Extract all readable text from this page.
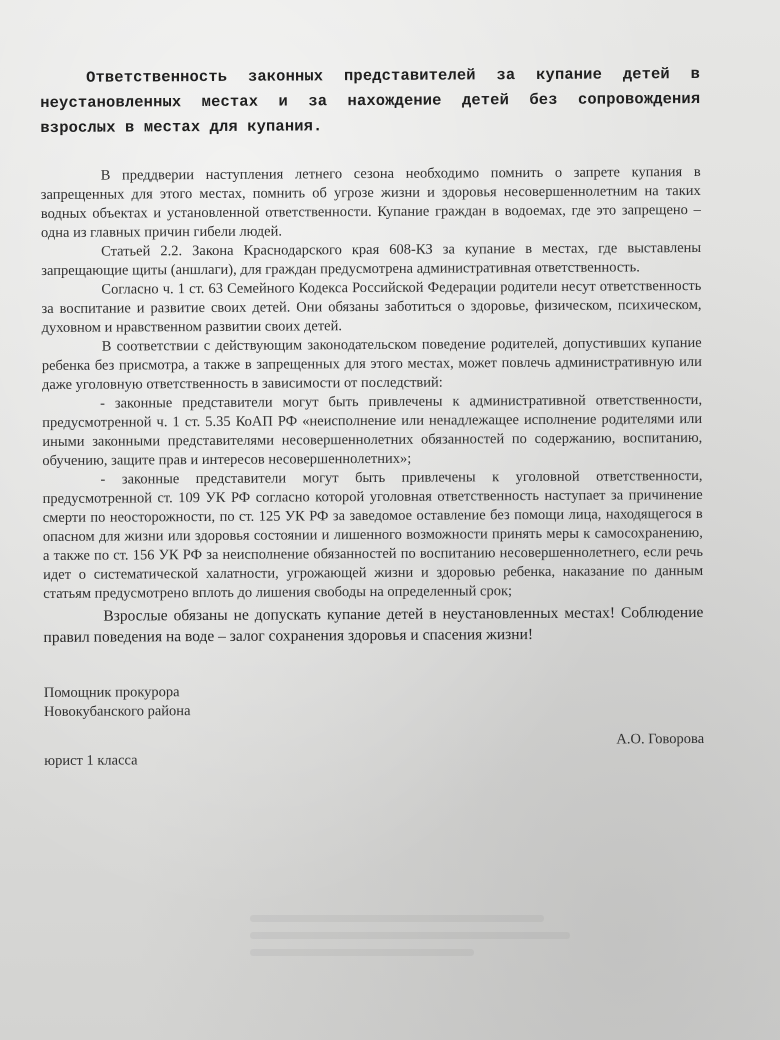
Ответственность законных представителей за купание детей в неустановленных местах и за нахождение детей без сопровождения взрослых в местах для купания.

В преддверии наступления летнего сезона необходимо помнить о запрете купания в запрещенных для этого местах, помнить об угрозе жизни и здоровья несовершеннолетним на таких водных объектах и установленной ответственности. Купание граждан в водоемах, где это запрещено – одна из главных причин гибели людей.

Статьей 2.2. Закона Краснодарского края 608-КЗ за купание в местах, где выставлены запрещающие щиты (аншлаги), для граждан предусмотрена административная ответственность.

Согласно ч. 1 ст. 63 Семейного Кодекса Российской Федерации родители несут ответственность за воспитание и развитие своих детей. Они обязаны заботиться о здоровье, физическом, психическом, духовном и нравственном развитии своих детей.

В соответствии с действующим законодательском поведение родителей, допустивших купание ребенка без присмотра, а также в запрещенных для этого местах, может повлечь административную или даже уголовную ответственность в зависимости от последствий:

- законные представители могут быть привлечены к административной ответственности, предусмотренной ч. 1 ст. 5.35 КоАП РФ «неисполнение или ненадлежащее исполнение родителями или иными законными представителями несовершеннолетних обязанностей по содержанию, воспитанию, обучению, защите прав и интересов несовершеннолетних»;

- законные представители могут быть привлечены к уголовной ответственности, предусмотренной ст. 109 УК РФ согласно которой уголовная ответственность наступает за причинение смерти по неосторожности, по ст. 125 УК РФ за заведомое оставление без помощи лица, находящегося в опасном для жизни или здоровья состоянии и лишенного возможности принять меры к самосохранению, а также по ст. 156 УК РФ за неисполнение обязанностей по воспитанию несовершеннолетнего, если речь идет о систематической халатности, угрожающей жизни и здоровью ребенка, наказание по данным статьям предусмотрено вплоть до лишения свободы на определенный срок;

Взрослые обязаны не допускать купание детей в неустановленных местах! Соблюдение правил поведения на воде – залог сохранения здоровья и спасения жизни!

Помощник прокурора
Новокубанского района
юрист 1 класса
А.О. Говорова
